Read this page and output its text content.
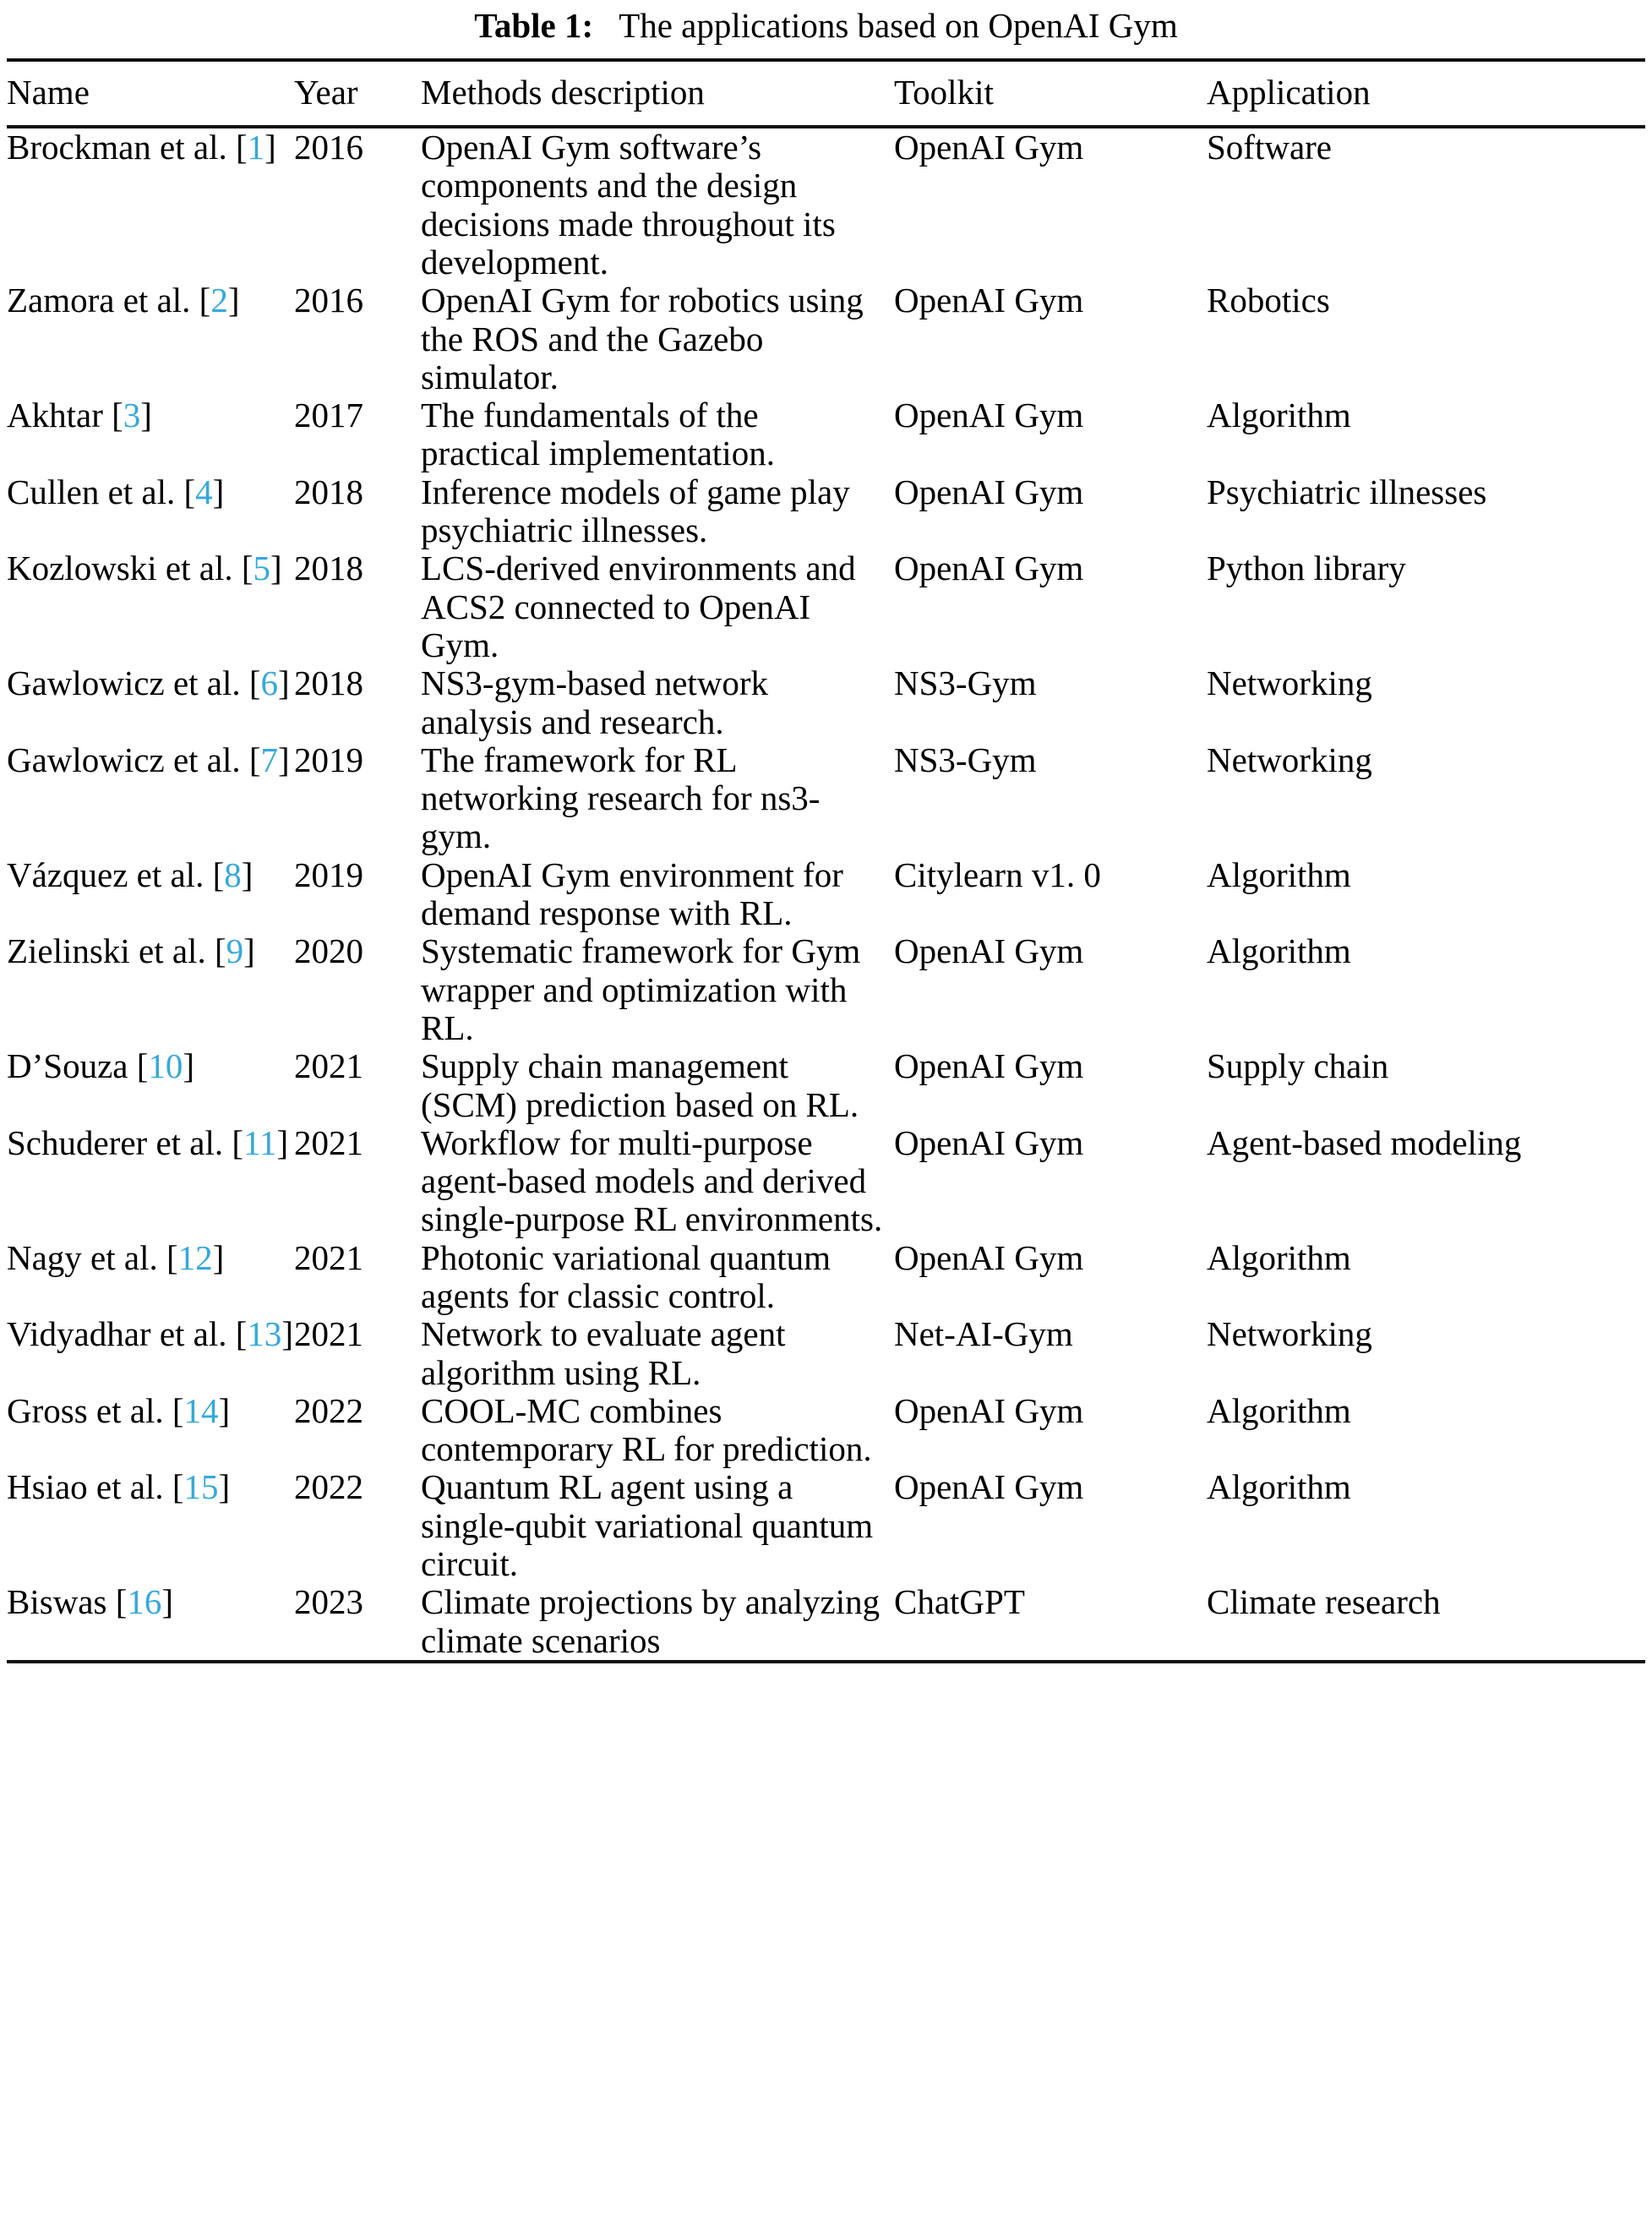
Table 1: The applications based on OpenAI Gym
Name	Year	Methods description	Toolkit	Application
Brockman et al. [1]	2016	OpenAI Gym software’s components and the design decisions made throughout its development.	OpenAI Gym	Software
Zamora et al. [2]	2016	OpenAI Gym for robotics using the ROS and the Gazebo simulator.	OpenAI Gym	Robotics
Akhtar [3]	2017	The fundamentals of the practical implementation.	OpenAI Gym	Algorithm
Cullen et al. [4]	2018	Inference models of game play psychiatric illnesses.	OpenAI Gym	Psychiatric illnesses
Kozlowski et al. [5]	2018	LCS-derived environments and ACS2 connected to OpenAI Gym.	OpenAI Gym	Python library
Gawlowicz et al. [6]	2018	NS3-gym-based network analysis and research.	NS3-Gym	Networking
Gawlowicz et al. [7]	2019	The framework for RL networking research for ns3-gym.	NS3-Gym	Networking
Vázquez et al. [8]	2019	OpenAI Gym environment for demand response with RL.	Citylearn v1. 0	Algorithm
Zielinski et al. [9]	2020	Systematic framework for Gym wrapper and optimization with RL.	OpenAI Gym	Algorithm
D’Souza [10]	2021	Supply chain management (SCM) prediction based on RL.	OpenAI Gym	Supply chain
Schuderer et al. [11]	2021	Workflow for multi-purpose agent-based models and derived single-purpose RL environments.	OpenAI Gym	Agent-based modeling
Nagy et al. [12]	2021	Photonic variational quantum agents for classic control.	OpenAI Gym	Algorithm
Vidyadhar et al. [13]	2021	Network to evaluate agent algorithm using RL.	Net-AI-Gym	Networking
Gross et al. [14]	2022	COOL-MC combines contemporary RL for prediction.	OpenAI Gym	Algorithm
Hsiao et al. [15]	2022	Quantum RL agent using a single-qubit variational quantum circuit.	OpenAI Gym	Algorithm
Biswas [16]	2023	Climate projections by analyzing climate scenarios	ChatGPT	Climate research
